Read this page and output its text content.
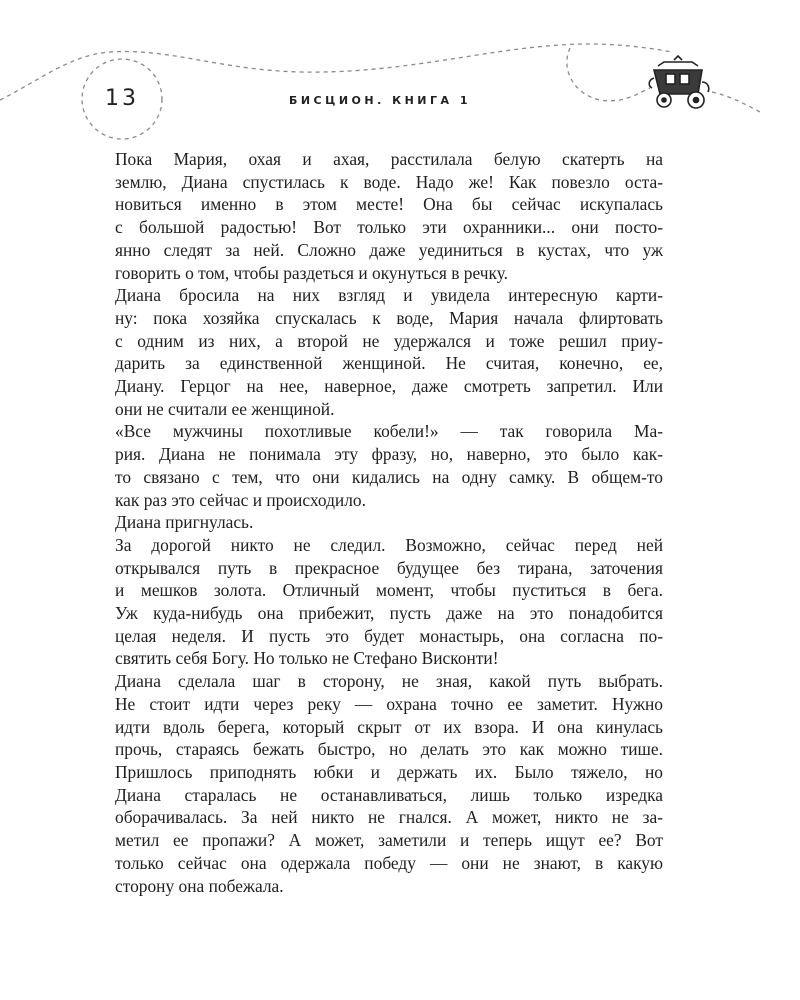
13	БИСЦИОН. КНИГА 1

Пока Мария, охая и ахая, расстилала белую скатерть на
землю, Диана спустилась к воде. Надо же! Как повезло оста-
новиться именно в этом месте! Она бы сейчас искупалась
с большой радостью! Вот только эти охранники... они посто-
янно следят за ней. Сложно даже уединиться в кустах, что уж
говорить о том, чтобы раздеться и окунуться в речку.

Диана бросила на них взгляд и увидела интересную карти-
ну: пока хозяйка спускалась к воде, Мария начала флиртовать
с одним из них, а второй не удержался и тоже решил приу-
дарить за единственной женщиной. Не считая, конечно, ее,
Диану. Герцог на нее, наверное, даже смотреть запретил. Или
они не считали ее женщиной.

«Все мужчины похотливые кобели!» — так говорила Ма-
рия. Диана не понимала эту фразу, но, наверно, это было как-
то связано с тем, что они кидались на одну самку. В общем-то
как раз это сейчас и происходило.

Диана пригнулась.

За дорогой никто не следил. Возможно, сейчас перед ней
открывался путь в прекрасное будущее без тирана, заточения
и мешков золота. Отличный момент, чтобы пуститься в бега.
Уж куда-нибудь она прибежит, пусть даже на это понадобится
целая неделя. И пусть это будет монастырь, она согласна по-
святить себя Богу. Но только не Стефано Висконти!

Диана сделала шаг в сторону, не зная, какой путь выбрать.
Не стоит идти через реку — охрана точно ее заметит. Нужно
идти вдоль берега, который скрыт от их взора. И она кинулась
прочь, стараясь бежать быстро, но делать это как можно тише.
Пришлось приподнять юбки и держать их. Было тяжело, но
Диана старалась не останавливаться, лишь только изредка
оборачивалась. За ней никто не гнался. А может, никто не за-
метил ее пропажи? А может, заметили и теперь ищут ее? Вот
только сейчас она одержала победу — они не знают, в какую
сторону она побежала.
